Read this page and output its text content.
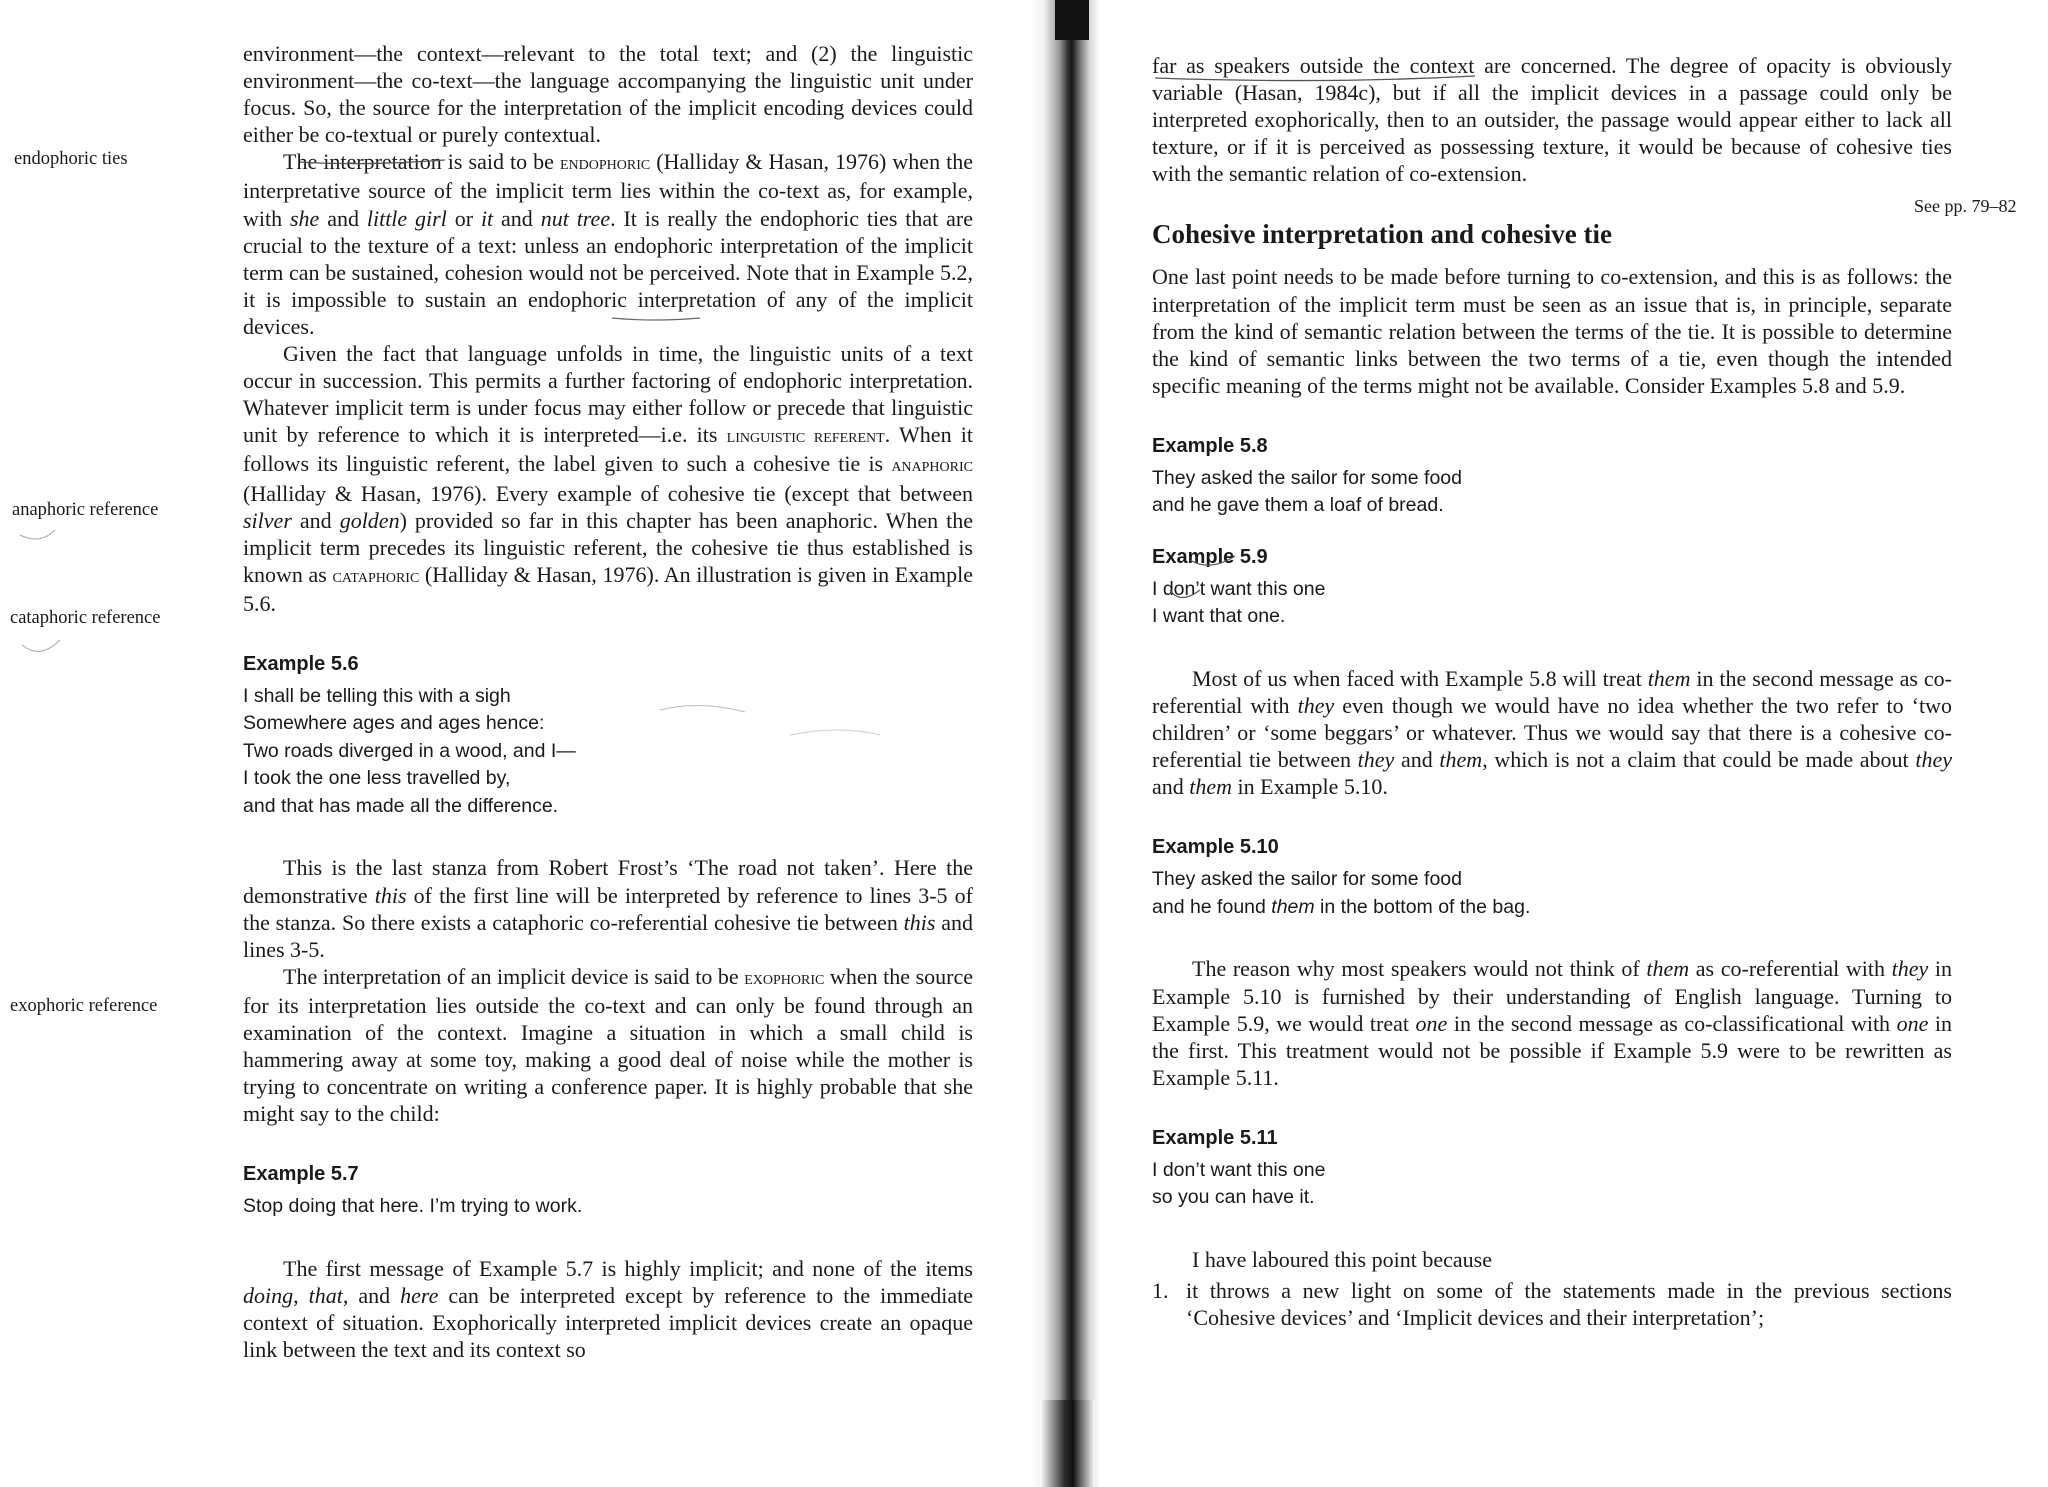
endophoric ties
anaphoric reference
cataphoric reference
exophoric reference

environment—the context—relevant to the total text; and (2) the linguistic environment—the co-text—the language accompanying the linguistic unit under focus. So, the source for the interpretation of the implicit encoding devices could either be co-textual or purely contextual.

The interpretation is said to be endophoric (Halliday & Hasan, 1976) when the interpretative source of the implicit term lies within the co-text as, for example, with she and little girl or it and nut tree. It is really the endophoric ties that are crucial to the texture of a text: unless an endophoric interpretation of the implicit term can be sustained, cohesion would not be perceived. Note that in Example 5.2, it is impossible to sustain an endophoric interpretation of any of the implicit devices.

Given the fact that language unfolds in time, the linguistic units of a text occur in succession. This permits a further factoring of endophoric interpretation. Whatever implicit term is under focus may either follow or precede that linguistic unit by reference to which it is interpreted—i.e. its linguistic referent. When it follows its linguistic referent, the label given to such a cohesive tie is anaphoric (Halliday & Hasan, 1976). Every example of cohesive tie (except that between silver and golden) provided so far in this chapter has been anaphoric. When the implicit term precedes its linguistic referent, the cohesive tie thus established is known as cataphoric (Halliday & Hasan, 1976). An illustration is given in Example 5.6.

Example 5.6
I shall be telling this with a sigh
Somewhere ages and ages hence:
Two roads diverged in a wood, and I—
I took the one less travelled by,
and that has made all the difference.

This is the last stanza from Robert Frost’s ‘The road not taken’. Here the demonstrative this of the first line will be interpreted by reference to lines 3-5 of the stanza. So there exists a cataphoric co-referential cohesive tie between this and lines 3-5.

The interpretation of an implicit device is said to be exophoric when the source for its interpretation lies outside the co-text and can only be found through an examination of the context. Imagine a situation in which a small child is hammering away at some toy, making a good deal of noise while the mother is trying to concentrate on writing a conference paper. It is highly probable that she might say to the child:

Example 5.7
Stop doing that here. I’m trying to work.

The first message of Example 5.7 is highly implicit; and none of the items doing, that, and here can be interpreted except by reference to the immediate context of situation. Exophorically interpreted implicit devices create an opaque link between the text and its context so

See pp. 79–82

far as speakers outside the context are concerned. The degree of opacity is obviously variable (Hasan, 1984c), but if all the implicit devices in a passage could only be interpreted exophorically, then to an outsider, the passage would appear either to lack all texture, or if it is perceived as possessing texture, it would be because of cohesive ties with the semantic relation of co-extension.

Cohesive interpretation and cohesive tie

One last point needs to be made before turning to co-extension, and this is as follows: the interpretation of the implicit term must be seen as an issue that is, in principle, separate from the kind of semantic relation between the terms of the tie. It is possible to determine the kind of semantic links between the two terms of a tie, even though the intended specific meaning of the terms might not be available. Consider Examples 5.8 and 5.9.

Example 5.8
They asked the sailor for some food
and he gave them a loaf of bread.
Example 5.9
I don’t want this one
I want that one.

Most of us when faced with Example 5.8 will treat them in the second message as co-referential with they even though we would have no idea whether the two refer to ‘two children’ or ‘some beggars’ or whatever. Thus we would say that there is a cohesive co-referential tie between they and them, which is not a claim that could be made about they and them in Example 5.10.

Example 5.10
They asked the sailor for some food
and he found them in the bottom of the bag.

The reason why most speakers would not think of them as co-referential with they in Example 5.10 is furnished by their understanding of English language. Turning to Example 5.9, we would treat one in the second message as co-classificational with one in the first. This treatment would not be possible if Example 5.9 were to be rewritten as Example 5.11.

Example 5.11
I don’t want this one
so you can have it.

I have laboured this point because

1. it throws a new light on some of the statements made in the previous sections ‘Cohesive devices’ and ‘Implicit devices and their interpretation’;
